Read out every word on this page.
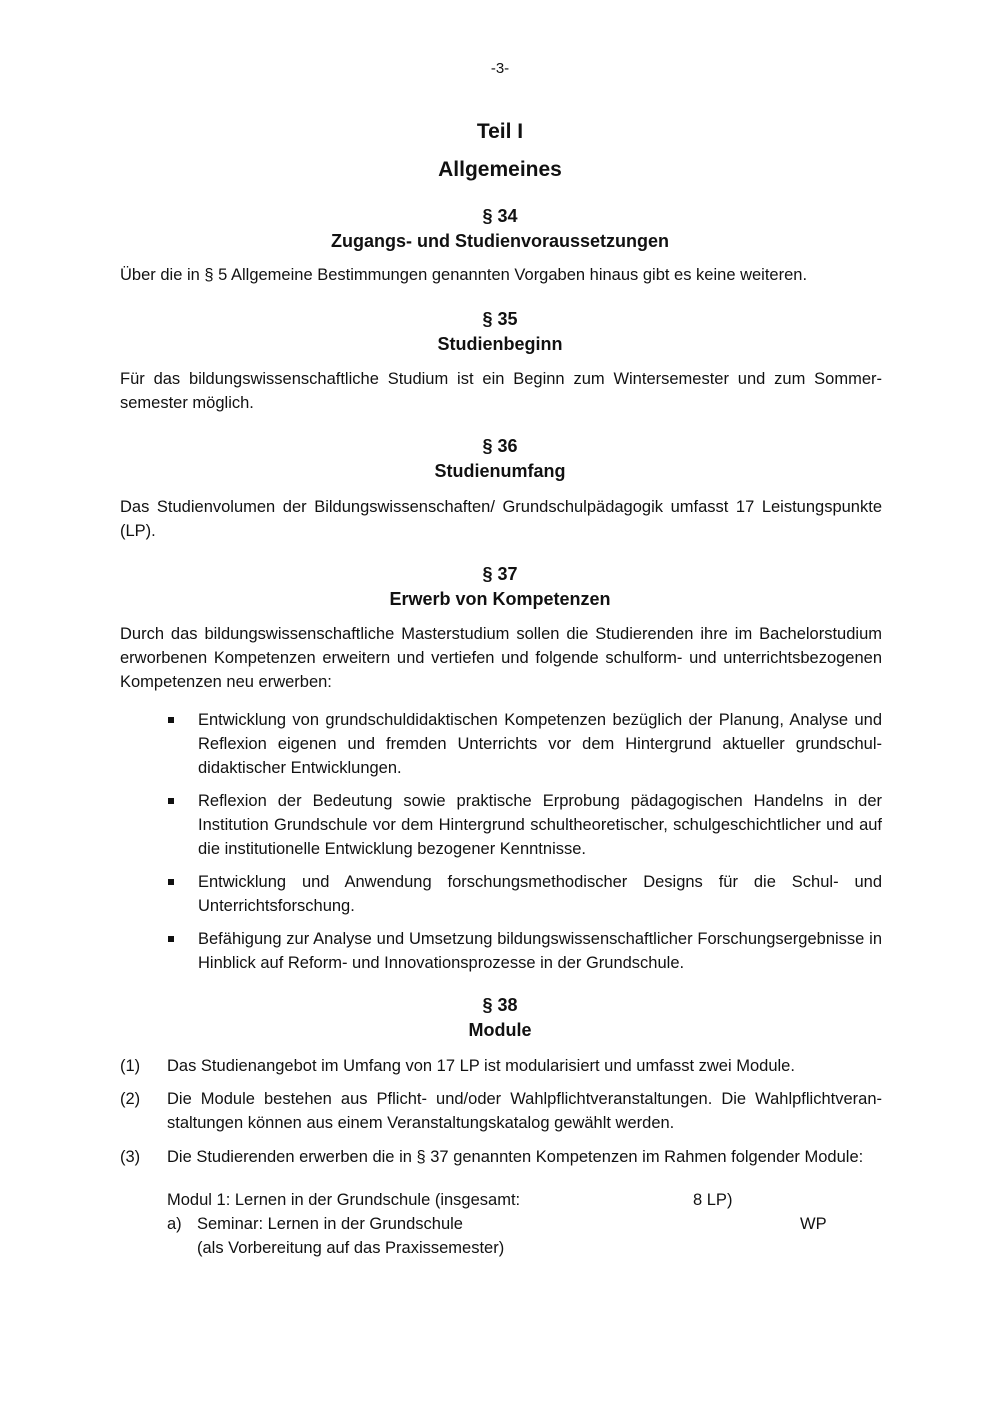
-3-
Teil I
Allgemeines
§ 34
Zugangs- und Studienvoraussetzungen

Über die in § 5 Allgemeine Bestimmungen genannten Vorgaben hinaus gibt es keine weiteren.

§ 35
Studienbeginn

Für das bildungswissenschaftliche Studium ist ein Beginn zum Wintersemester und zum Sommer-semester möglich.

§ 36
Studienumfang

Das Studienvolumen der Bildungswissenschaften/ Grundschulpädagogik umfasst 17 Leistungspunkte (LP).

§ 37
Erwerb von Kompetenzen

Durch das bildungswissenschaftliche Masterstudium sollen die Studierenden ihre im Bachelorstudium erworbenen Kompetenzen erweitern und vertiefen und folgende schulform- und unterrichtsbezogenen Kompetenzen neu erwerben:

Entwicklung von grundschuldidaktischen Kompetenzen bezüglich der Planung, Analyse und Reflexion eigenen und fremden Unterrichts vor dem Hintergrund aktueller grundschul-didaktischer Entwicklungen.
Reflexion der Bedeutung sowie praktische Erprobung pädagogischen Handelns in der Institution Grundschule vor dem Hintergrund schultheoretischer, schulgeschichtlicher und auf die institutionelle Entwicklung bezogener Kenntnisse.
Entwicklung und Anwendung forschungsmethodischer Designs für die Schul- und Unterrichtsforschung.
Befähigung zur Analyse und Umsetzung bildungswissenschaftlicher Forschungsergebnisse in Hinblick auf Reform- und Innovationsprozesse in der Grundschule.
§ 38
Module
(1) Das Studienangebot im Umfang von 17 LP ist modularisiert und umfasst zwei Module.
(2) Die Module bestehen aus Pflicht- und/oder Wahlpflichtveranstaltungen. Die Wahlpflichtveran-staltungen können aus einem Veranstaltungskatalog gewählt werden.
(3) Die Studierenden erwerben die in § 37 genannten Kompetenzen im Rahmen folgender Module:
Modul 1: Lernen in der Grundschule (insgesamt:	8 LP)
a) Seminar: Lernen in der Grundschule	WP
(als Vorbereitung auf das Praxissemester)
